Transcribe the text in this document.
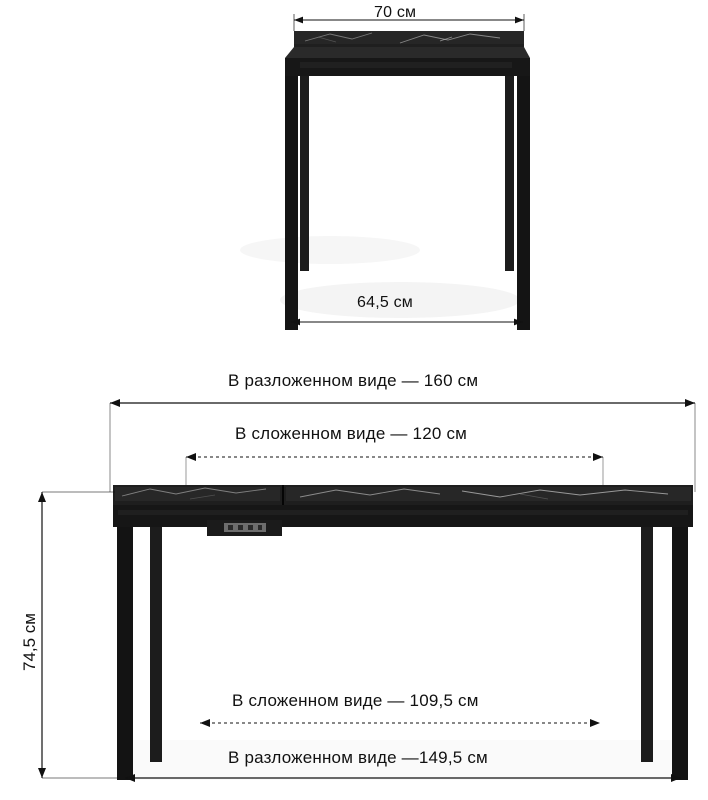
70 см
64,5 см
В разложенном виде — 160 см
В сложенном виде — 120 см
74,5 см
В сложенном виде — 109,5 см
В разложенном виде —149,5 см
